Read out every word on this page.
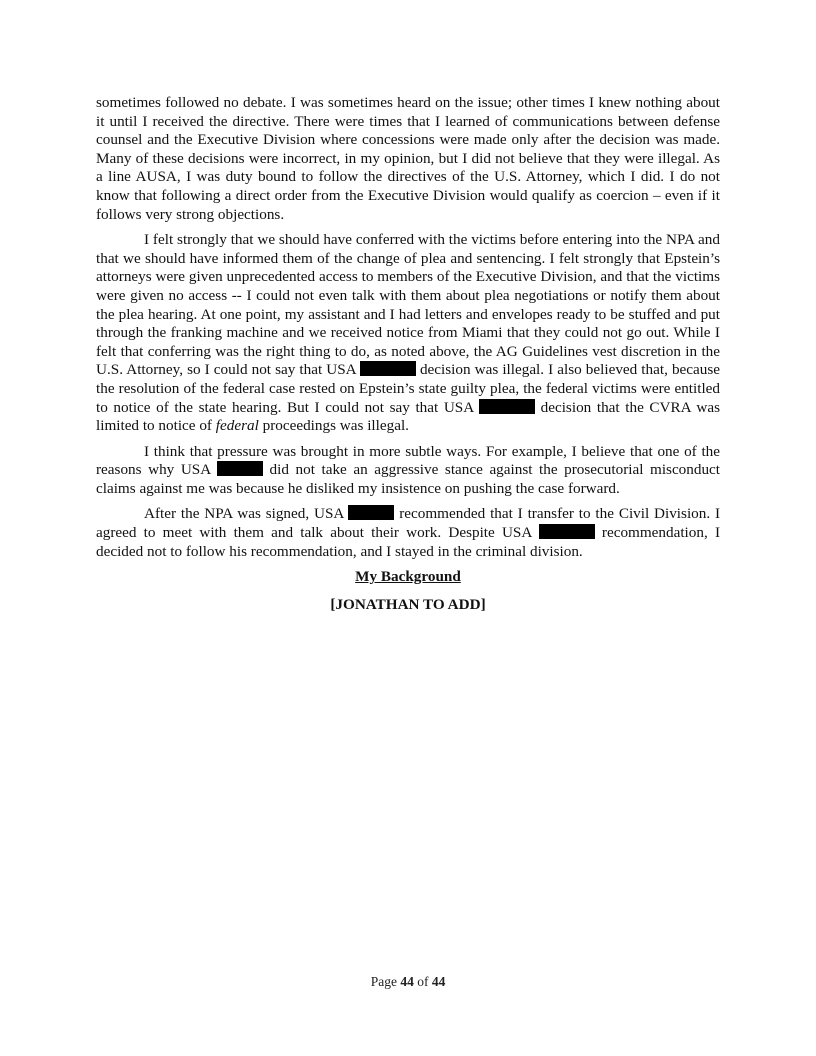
sometimes followed no debate. I was sometimes heard on the issue; other times I knew nothing about it until I received the directive. There were times that I learned of communications between defense counsel and the Executive Division where concessions were made only after the decision was made. Many of these decisions were incorrect, in my opinion, but I did not believe that they were illegal. As a line AUSA, I was duty bound to follow the directives of the U.S. Attorney, which I did. I do not know that following a direct order from the Executive Division would qualify as coercion – even if it follows very strong objections.

I felt strongly that we should have conferred with the victims before entering into the NPA and that we should have informed them of the change of plea and sentencing. I felt strongly that Epstein’s attorneys were given unprecedented access to members of the Executive Division, and that the victims were given no access -- I could not even talk with them about plea negotiations or notify them about the plea hearing. At one point, my assistant and I had letters and envelopes ready to be stuffed and put through the franking machine and we received notice from Miami that they could not go out. While I felt that conferring was the right thing to do, as noted above, the AG Guidelines vest discretion in the U.S. Attorney, so I could not say that USA	decision was illegal. I also believed that, because the resolution of the federal case rested on Epstein’s state guilty plea, the federal victims were entitled to notice of the state hearing. But I could not say that USA	decision that the CVRA was limited to notice of federal proceedings was illegal.

I think that pressure was brought in more subtle ways. For example, I believe that one of the reasons why USA	did not take an aggressive stance against the prosecutorial misconduct claims against me was because he disliked my insistence on pushing the case forward.

After the NPA was signed, USA	recommended that I transfer to the Civil Division. I agreed to meet with them and talk about their work. Despite USA	recommendation, I decided not to follow his recommendation, and I stayed in the criminal division.

My Background
[JONATHAN TO ADD]
Page 44 of 44
